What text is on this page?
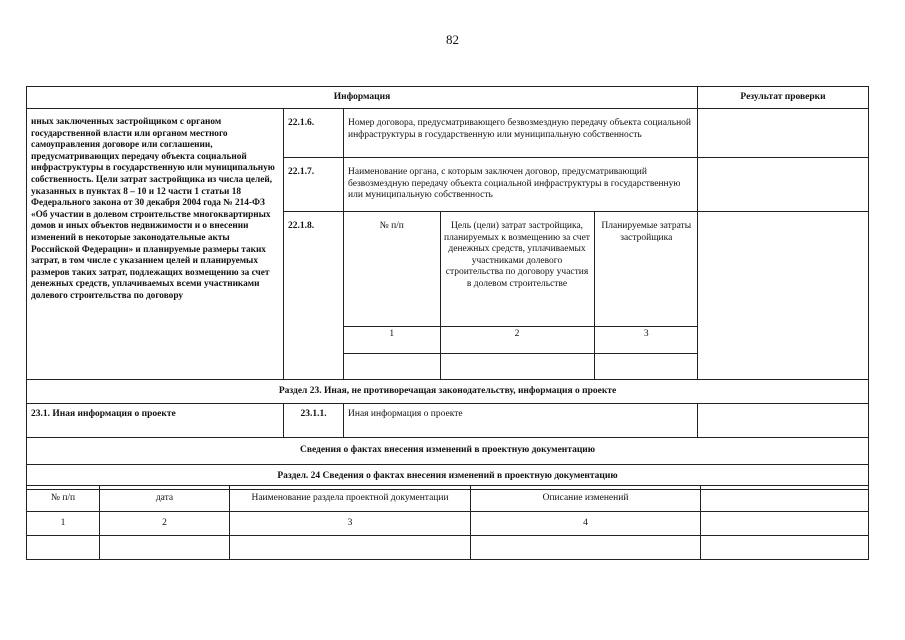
82
Информация	Результат проверки
иных заключенных застройщиком с органом государственной власти или органом местного самоуправления договоре или соглашении, предусматривающих передачу объекта социальной инфраструктуры в государственную или муниципальную собственность. Цели затрат застройщика из числа целей, указанных в пунктах 8 – 10 и 12 части 1 статьи 18 Федерального закона от 30 декабря 2004 года № 214-ФЗ «Об участии в долевом строительстве многоквартирных домов и иных объектов недвижимости и о внесении изменений в некоторые законодательные акты Российской Федерации» и планируемые размеры таких затрат, в том числе с указанием целей и планируемых размеров таких затрат, подлежащих возмещению за счет денежных средств, уплачиваемых всеми участниками долевого строительства по договору	22.1.6.	Номер договора, предусматривающего безвозмездную передачу объекта социальной инфраструктуры в государственную или муниципальную собственность	
22.1.7.	Наименование органа, с которым заключен договор, предусматривающий безвозмездную передачу объекта социальной инфраструктуры в государственную или муниципальную собственность	
22.1.8.		№ п/п	Цель (цели) затрат застройщика, планируемых к возмещению за счет денежных средств, уплачиваемых участниками долевого строительства по договору участия в долевом строительстве	Планируемые затраты застройщика
1	2	3

Раздел 23. Иная, не противоречащая законодательству, информация о проекте
23.1. Иная информация о проекте	23.1.1.	Иная информация о проекте	
Сведения о фактах внесения изменений в проектную документацию
Раздел. 24 Сведения о фактах внесения изменений в проектную документацию
№ п/п	дата	Наименование раздела проектной документации	Описание изменений	
1	2	3	4	
